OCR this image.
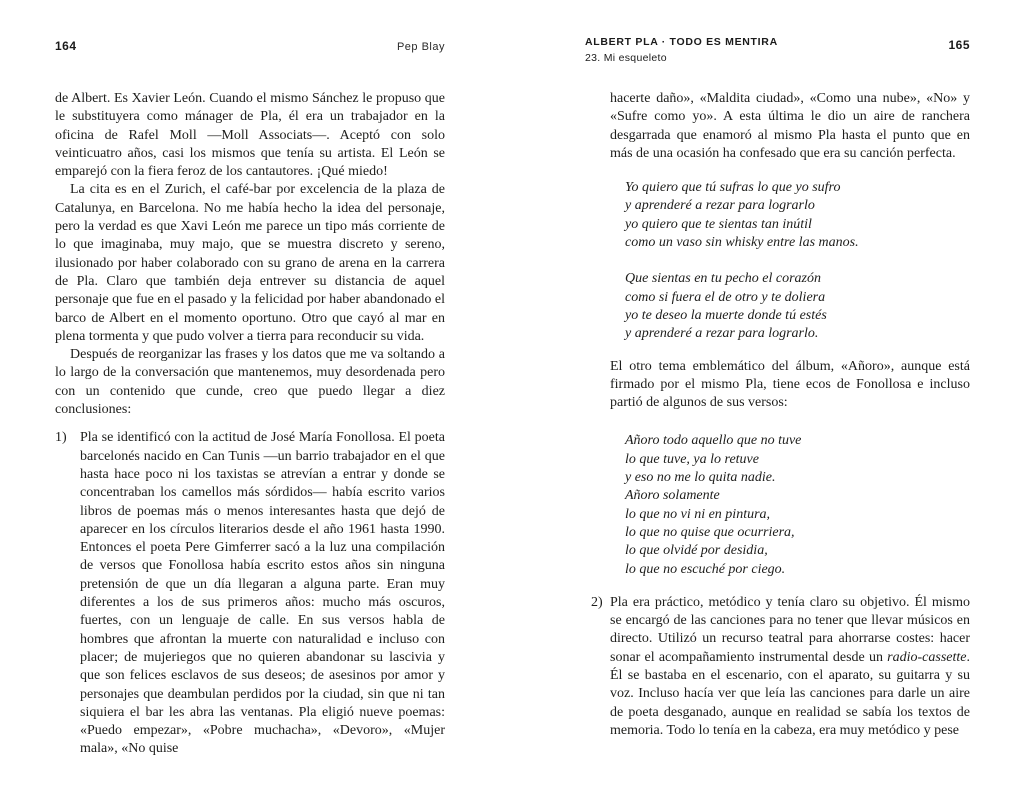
164	Pep Blay

de Albert. Es Xavier León. Cuando el mismo Sánchez le propuso que le substituyera como mánager de Pla, él era un trabajador en la oficina de Rafel Moll —Moll Associats—. Aceptó con solo veinticuatro años, casi los mismos que tenía su artista. El León se emparejó con la fiera feroz de los cantautores. ¡Qué miedo!

La cita es en el Zurich, el café-bar por excelencia de la plaza de Catalunya, en Barcelona. No me había hecho la idea del personaje, pero la verdad es que Xavi León me parece un tipo más corriente de lo que imaginaba, muy majo, que se muestra discreto y sereno, ilusionado por haber colaborado con su grano de arena en la carrera de Pla. Claro que también deja entrever su distancia de aquel personaje que fue en el pasado y la felicidad por haber abandonado el barco de Albert en el momento oportuno. Otro que cayó al mar en plena tormenta y que pudo volver a tierra para reconducir su vida.

Después de reorganizar las frases y los datos que me va soltando a lo largo de la conversación que mantenemos, muy desordenada pero con un contenido que cunde, creo que puedo llegar a diez conclusiones:

1) Pla se identificó con la actitud de José María Fonollosa. El poeta barcelonés nacido en Can Tunis —un barrio trabajador en el que hasta hace poco ni los taxistas se atrevían a entrar y donde se concentraban los camellos más sórdidos— había escrito varios libros de poemas más o menos interesantes hasta que dejó de aparecer en los círculos literarios desde el año 1961 hasta 1990. Entonces el poeta Pere Gimferrer sacó a la luz una compilación de versos que Fonollosa había escrito estos años sin ninguna pretensión de que un día llegaran a alguna parte. Eran muy diferentes a los de sus primeros años: mucho más oscuros, fuertes, con un lenguaje de calle. En sus versos habla de hombres que afrontan la muerte con naturalidad e incluso con placer; de mujeriegos que no quieren abandonar su lascivia y que son felices esclavos de sus deseos; de asesinos por amor y personajes que deambulan perdidos por la ciudad, sin que ni tan siquiera el bar les abra las ventanas. Pla eligió nueve poemas: «Puedo empezar», «Pobre muchacha», «Devoro», «Mujer mala», «No quise
ALBERT PLA · TODO ES MENTIRA
23. Mi esqueleto
165

hacerte daño», «Maldita ciudad», «Como una nube», «No» y «Sufre como yo». A esta última le dio un aire de ranchera desgarrada que enamoró al mismo Pla hasta el punto que en más de una ocasión ha confesado que era su canción perfecta.

Yo quiero que tú sufras lo que yo sufro
y aprenderé a rezar para lograrlo
yo quiero que te sientas tan inútil
como un vaso sin whisky entre las manos.
Que sientas en tu pecho el corazón
como si fuera el de otro y te doliera
yo te deseo la muerte donde tú estés
y aprenderé a rezar para lograrlo.

El otro tema emblemático del álbum, «Añoro», aunque está firmado por el mismo Pla, tiene ecos de Fonollosa e incluso partió de algunos de sus versos:

Añoro todo aquello que no tuve
lo que tuve, ya lo retuve
y eso no me lo quita nadie.
Añoro solamente
lo que no vi ni en pintura,
lo que no quise que ocurriera,
lo que olvidé por desidia,
lo que no escuché por ciego.
2) Pla era práctico, metódico y tenía claro su objetivo. Él mismo se encargó de las canciones para no tener que llevar músicos en directo. Utilizó un recurso teatral para ahorrarse costes: hacer sonar el acompañamiento instrumental desde un radio-cassette. Él se bastaba en el escenario, con el aparato, su guitarra y su voz. Incluso hacía ver que leía las canciones para darle un aire de poeta desganado, aunque en realidad se sabía los textos de memoria. Todo lo tenía en la cabeza, era muy metódico y pese
